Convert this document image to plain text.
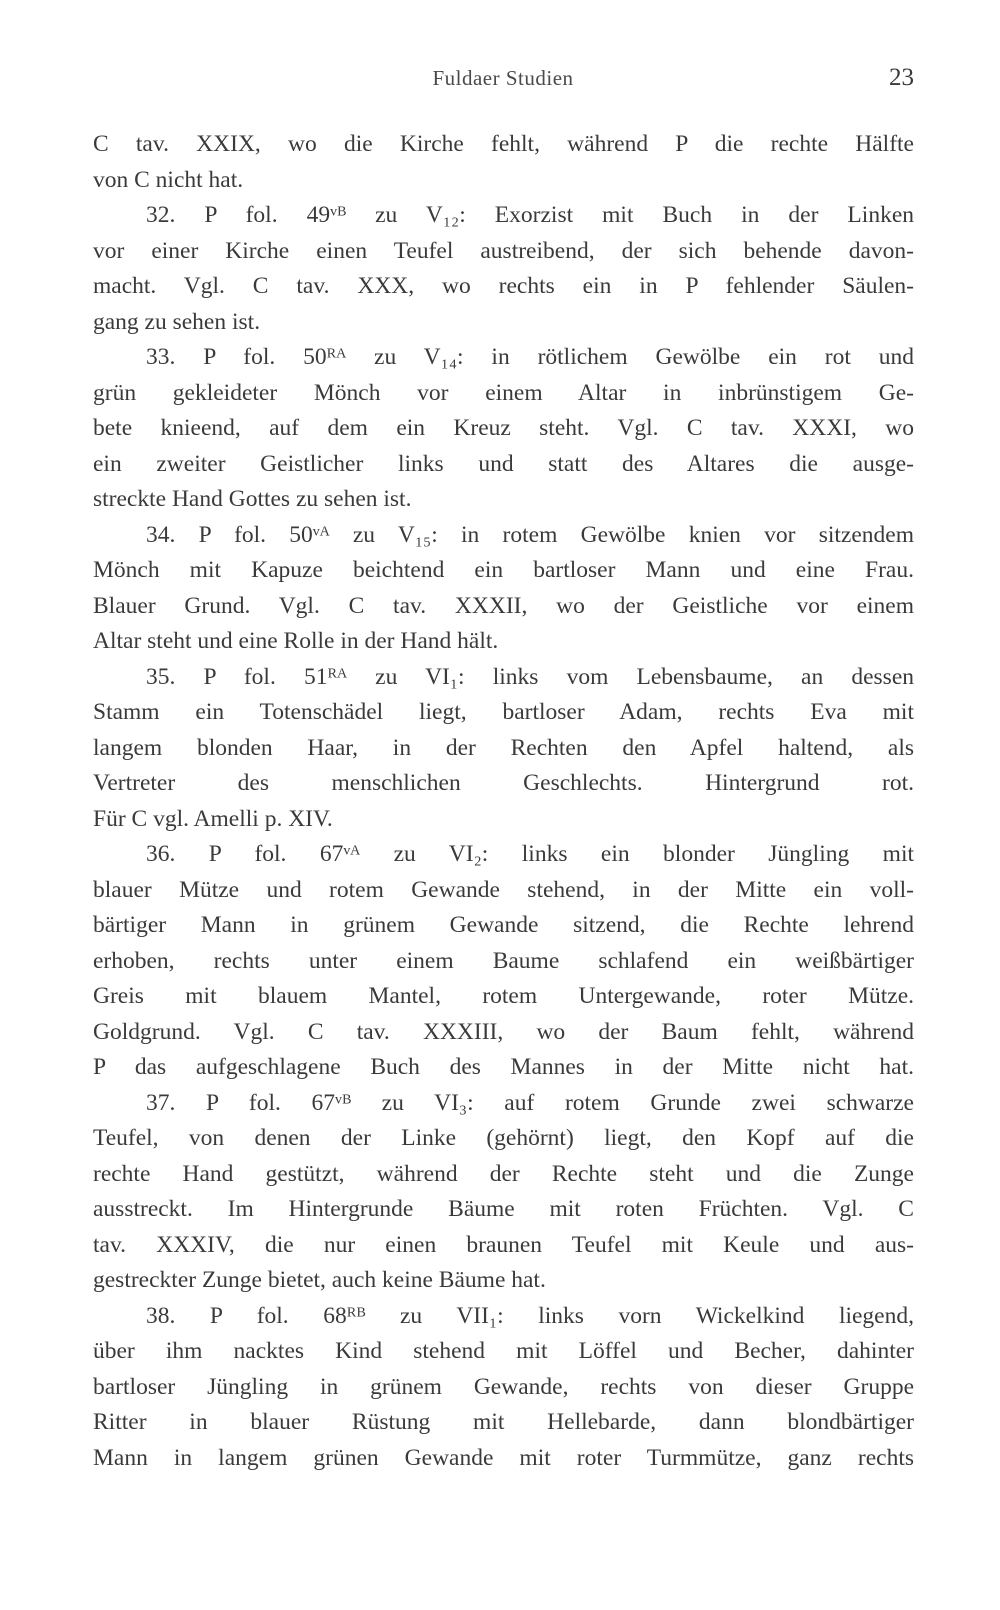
Fuldaer Studien	23
C tav. XXIX, wo die Kirche fehlt, während P die rechte Hälfte
von C nicht hat.
32. P fol. 49ᵛᴮ zu V₁₂: Exorzist mit Buch in der Linken
vor einer Kirche einen Teufel austreibend, der sich behende davon-
macht. Vgl. C tav. XXX, wo rechts ein in P fehlender Säulen-
gang zu sehen ist.
33. P fol. 50ᴿᴬ zu V₁₄: in rötlichem Gewölbe ein rot und
grün gekleideter Mönch vor einem Altar in inbrünstigem Ge-
bete knieend, auf dem ein Kreuz steht. Vgl. C tav. XXXI, wo
ein zweiter Geistlicher links und statt des Altares die ausge-
streckte Hand Gottes zu sehen ist.
34. P fol. 50ᵛᴬ zu V₁₅: in rotem Gewölbe knien vor sitzendem
Mönch mit Kapuze beichtend ein bartloser Mann und eine Frau.
Blauer Grund. Vgl. C tav. XXXII, wo der Geistliche vor einem
Altar steht und eine Rolle in der Hand hält.
35. P fol. 51ᴿᴬ zu VI₁: links vom Lebensbaume, an dessen
Stamm ein Totenschädel liegt, bartloser Adam, rechts Eva mit
langem blonden Haar, in der Rechten den Apfel haltend, als
Vertreter des menschlichen Geschlechts. Hintergrund rot.
Für C vgl. Amelli p. XIV.
36. P fol. 67ᵛᴬ zu VI₂: links ein blonder Jüngling mit
blauer Mütze und rotem Gewande stehend, in der Mitte ein voll-
bärtiger Mann in grünem Gewande sitzend, die Rechte lehrend
erhoben, rechts unter einem Baume schlafend ein weißbärtiger
Greis mit blauem Mantel, rotem Untergewande, roter Mütze.
Goldgrund. Vgl. C tav. XXXIII, wo der Baum fehlt, während
P das aufgeschlagene Buch des Mannes in der Mitte nicht hat.
37. P fol. 67ᵛᴮ zu VI₃: auf rotem Grunde zwei schwarze
Teufel, von denen der Linke (gehörnt) liegt, den Kopf auf die
rechte Hand gestützt, während der Rechte steht und die Zunge
ausstreckt. Im Hintergrunde Bäume mit roten Früchten. Vgl. C
tav. XXXIV, die nur einen braunen Teufel mit Keule und aus-
gestreckter Zunge bietet, auch keine Bäume hat.
38. P fol. 68ᴿᴮ zu VII₁: links vorn Wickelkind liegend,
über ihm nacktes Kind stehend mit Löffel und Becher, dahinter
bartloser Jüngling in grünem Gewande, rechts von dieser Gruppe
Ritter in blauer Rüstung mit Hellebarde, dann blondbärtiger
Mann in langem grünen Gewande mit roter Turmmütze, ganz rechts
